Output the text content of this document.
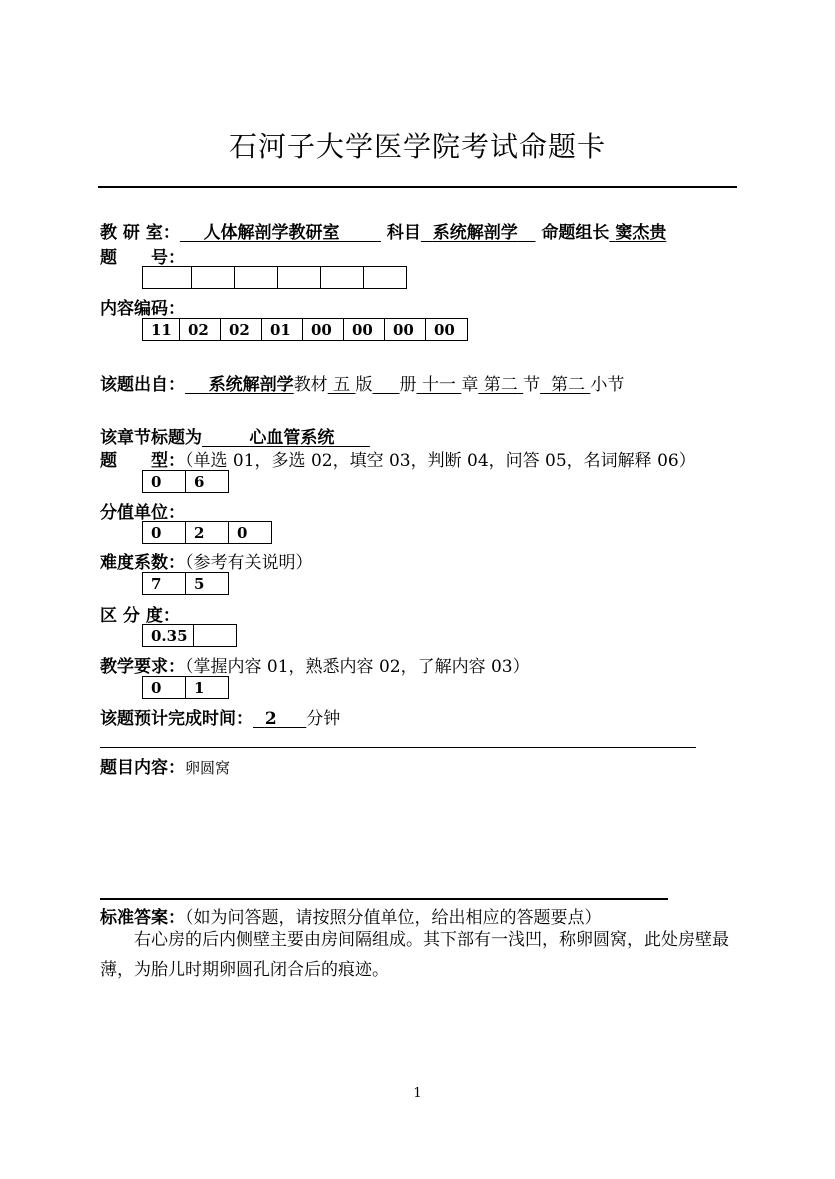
石河子大学医学院考试命题卡
教 研 室： 人体解剖学教研室	科目 系统解剖学 命题组长 窦杰贵
题　　号：

内容编码：
11	02	02	01	00	00	00	00
该题出自： 系统解剖学教材 五 版 册 十一 章 第二 节 第二 小节
该章节标题为	心血管系统
题　　型：（单选 01，多选 02，填空 03，判断 04，问答 05，名词解释 06）
0	6
分值单位：
0	2	0
难度系数：（参考有关说明）
7	5
区 分 度：
0.35	
教学要求：（掌握内容 01，熟悉内容 02，了解内容 03）
0	1
该题预计完成时间： 2 分钟
题目内容：卵圆窝
标准答案：（如为问答题，请按照分值单位，给出相应的答题要点）
右心房的后内侧壁主要由房间隔组成。其下部有一浅凹，称卵圆窝，此处房壁最薄，为胎儿时期卵圆孔闭合后的痕迹。
1
